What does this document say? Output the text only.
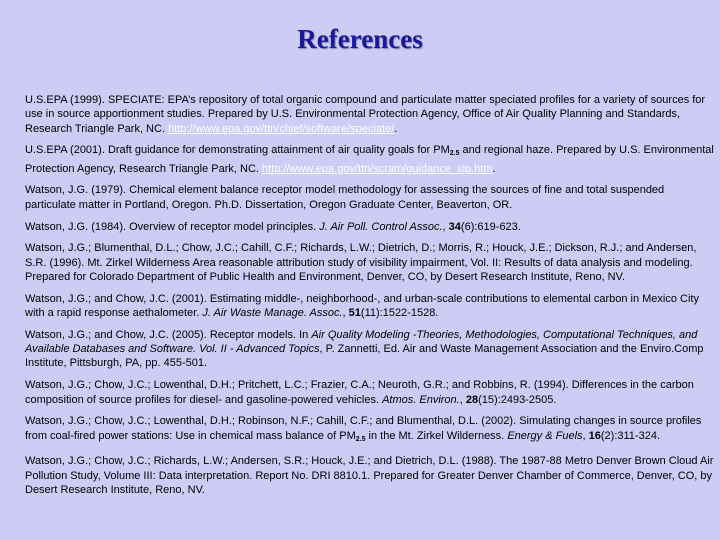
References

U.S.EPA (1999). SPECIATE: EPA’s repository of total organic compound and particulate matter speciated profiles for a variety of sources for use in source apportionment studies. Prepared by U.S. Environmental Protection Agency, Office of Air Quality Planning and Standards, Research Triangle Park, NC. http://www.epa.gov/ttn/chief/software/speciate/.

U.S.EPA (2001). Draft guidance for demonstrating attainment of air quality goals for $PM_{2.5}$ and regional haze. Prepared by U.S. Environmental Protection Agency, Research Triangle Park, NC. http://www.epa.gov/ttn/scram/guidance_sip.htm.

Watson, J.G. (1979). Chemical element balance receptor model methodology for assessing the sources of fine and total suspended particulate matter in Portland, Oregon. Ph.D. Dissertation, Oregon Graduate Center, Beaverton, OR.

Watson, J.G. (1984). Overview of receptor model principles. J. Air Poll. Control Assoc., 34(6):619-623.

Watson, J.G.; Blumenthal, D.L.; Chow, J.C.; Cahill, C.F.; Richards, L.W.; Dietrich, D.; Morris, R.; Houck, J.E.; Dickson, R.J.; and Andersen, S.R. (1996). Mt. Zirkel Wilderness Area reasonable attribution study of visibility impairment, Vol. II: Results of data analysis and modeling. Prepared for Colorado Department of Public Health and Environment, Denver, CO, by Desert Research Institute, Reno, NV.

Watson, J.G.; and Chow, J.C. (2001). Estimating middle-, neighborhood-, and urban-scale contributions to elemental carbon in Mexico City with a rapid response aethalometer. J. Air Waste Manage. Assoc., 51(11):1522-1528.

Watson, J.G.; and Chow, J.C. (2005). Receptor models. In Air Quality Modeling -Theories, Methodologies, Computational Techniques, and Available Databases and Software. Vol. II - Advanced Topics, P. Zannetti, Ed. Air and Waste Management Association and the Enviro.Comp Institute, Pittsburgh, PA, pp. 455-501.

Watson, J.G.; Chow, J.C.; Lowenthal, D.H.; Pritchett, L.C.; Frazier, C.A.; Neuroth, G.R.; and Robbins, R. (1994). Differences in the carbon composition of source profiles for diesel- and gasoline-powered vehicles. Atmos. Environ., 28(15):2493-2505.

Watson, J.G.; Chow, J.C.; Lowenthal, D.H.; Robinson, N.F.; Cahill, C.F.; and Blumenthal, D.L. (2002). Simulating changes in source profiles from coal-fired power stations: Use in chemical mass balance of $PM_{2.5}$ in the Mt. Zirkel Wilderness. Energy & Fuels, 16(2):311-324.

Watson, J.G.; Chow, J.C.; Richards, L.W.; Andersen, S.R.; Houck, J.E.; and Dietrich, D.L. (1988). The 1987-88 Metro Denver Brown Cloud Air Pollution Study, Volume III: Data interpretation. Report No. DRI 8810.1. Prepared for Greater Denver Chamber of Commerce, Denver, CO, by Desert Research Institute, Reno, NV.
